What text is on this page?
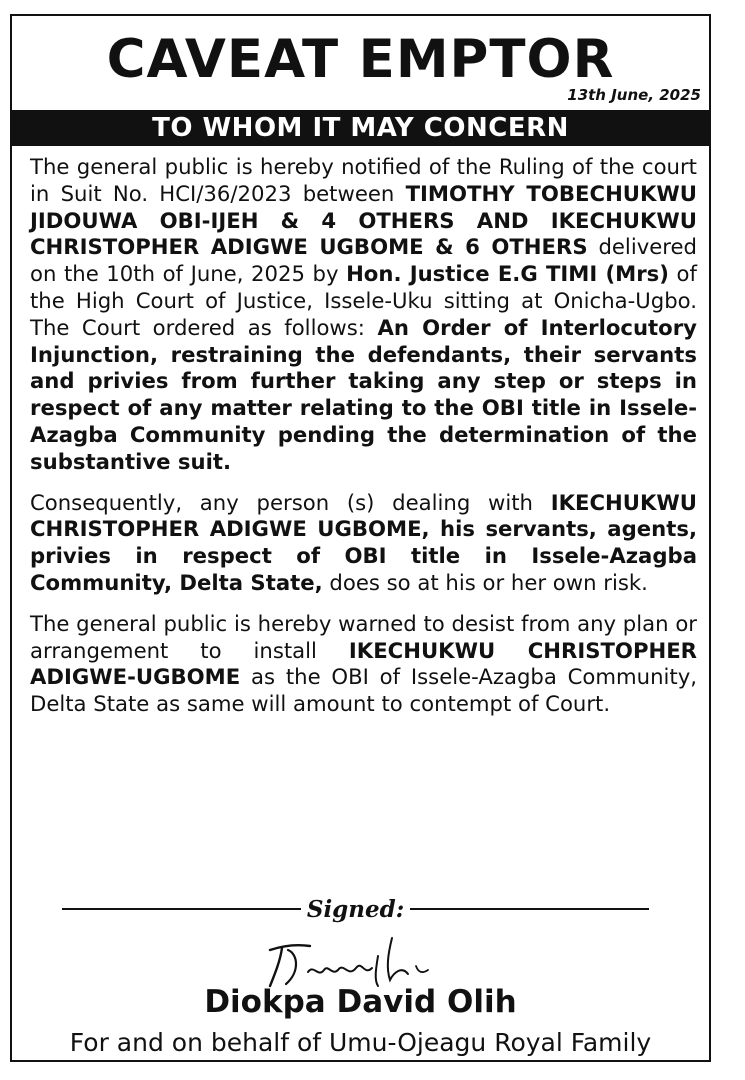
CAVEAT EMPTOR
13th June, 2025
TO WHOM IT MAY CONCERN

The general public is hereby notified of the Ruling of the court in Suit No. HCI/36/2023 between TIMOTHY TOBECHUKWU JIDOUWA OBI-IJEH & 4 OTHERS AND IKECHUKWU CHRISTOPHER ADIGWE UGBOME & 6 OTHERS delivered on the 10th of June, 2025 by Hon. Justice E.G TIMI (Mrs) of the High Court of Justice, Issele-Uku sitting at Onicha-Ugbo. The Court ordered as follows: An Order of Interlocutory Injunction, restraining the defendants, their servants and privies from further taking any step or steps in respect of any matter relating to the OBI title in Issele-Azagba Community pending the determination of the substantive suit.

Consequently, any person (s) dealing with IKECHUKWU CHRISTOPHER ADIGWE UGBOME, his servants, agents, privies in respect of OBI title in Issele-Azagba Community, Delta State, does so at his or her own risk.

The general public is hereby warned to desist from any plan or arrangement to install IKECHUKWU CHRISTOPHER ADIGWE-UGBOME as the OBI of Issele-Azagba Community, Delta State as same will amount to contempt of Court.

Signed:
Diokpa David Olih
For and on behalf of Umu-Ojeagu Royal Family
